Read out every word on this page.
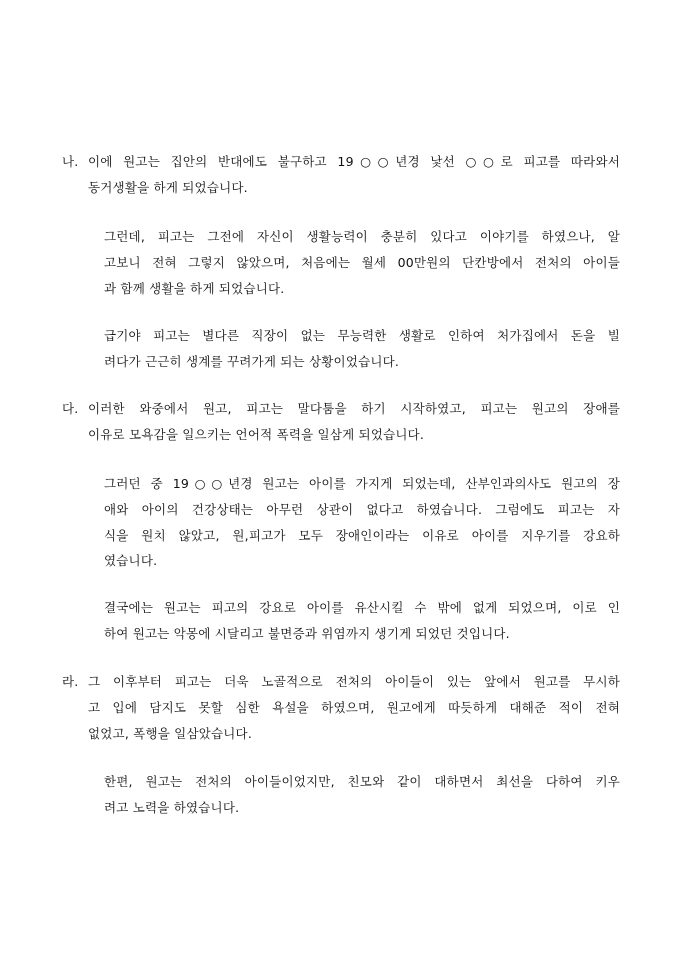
나. 이에 원고는 집안의 반대에도 불구하고 19○○년경 낯선 ○○로 피고를 따라와서
동거생활을 하게 되었습니다.
그런데, 피고는 그전에 자신이 생활능력이 충분히 있다고 이야기를 하였으나, 알
고보니 전혀 그렇지 않았으며, 처음에는 월세 00만원의 단칸방에서 전처의 아이들
과 함께 생활을 하게 되었습니다.
급기야 피고는 별다른 직장이 없는 무능력한 생활로 인하여 처가집에서 돈을 빌
려다가 근근히 생계를 꾸려가게 되는 상황이었습니다.
다. 이러한 와중에서 원고, 피고는 말다툼을 하기 시작하였고, 피고는 원고의 장애를
이유로 모욕감을 일으키는 언어적 폭력을 일삼게 되었습니다.
그러던 중 19○○년경 원고는 아이를 가지게 되었는데, 산부인과의사도 원고의 장
애와 아이의 건강상태는 아무런 상관이 없다고 하였습니다. 그럼에도 피고는 자
식을 원치 않았고, 원,피고가 모두 장애인이라는 이유로 아이를 지우기를 강요하
였습니다.
결국에는 원고는 피고의 강요로 아이를 유산시킬 수 밖에 없게 되었으며, 이로 인
하여 원고는 악몽에 시달리고 불면증과 위염까지 생기게 되었던 것입니다.
라. 그 이후부터 피고는 더욱 노골적으로 전처의 아이들이 있는 앞에서 원고를 무시하
고 입에 담지도 못할 심한 욕설을 하였으며, 원고에게 따듯하게 대해준 적이 전혀
없었고, 폭행을 일삼았습니다.
한편, 원고는 전처의 아이들이었지만, 친모와 같이 대하면서 최선을 다하여 키우
려고 노력을 하였습니다.
